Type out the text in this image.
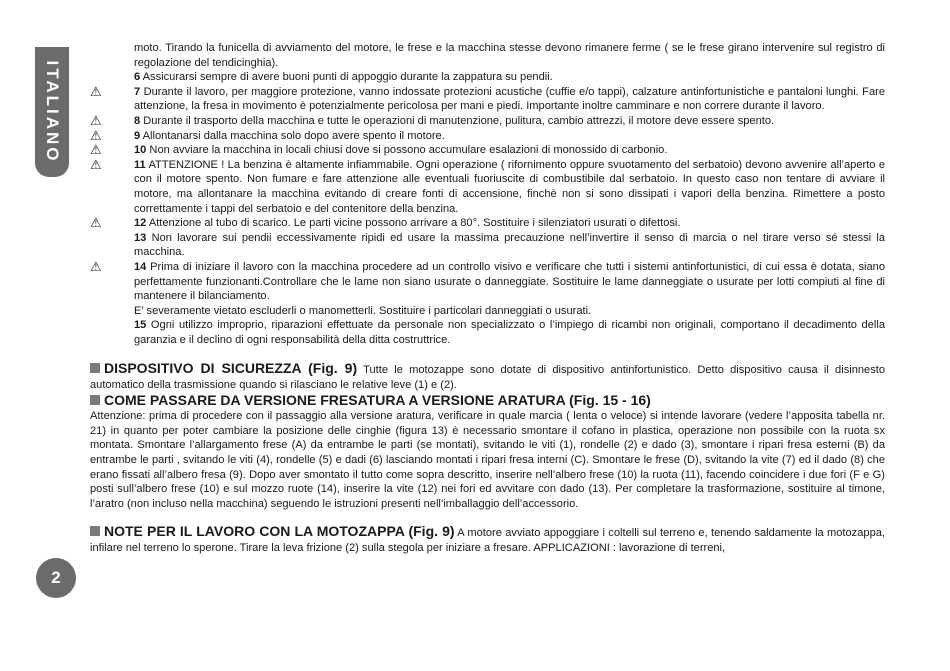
ITALIANO
moto. Tirando la funicella di avviamento del motore, le frese e la macchina stesse devono rimanere ferme ( se le frese girano intervenire sul registro di regolazione del tendicinghia).
6 Assicurarsi sempre di avere buoni punti di appoggio durante la zappatura su pendii.
⚠	7 Durante il lavoro, per maggiore protezione, vanno indossate protezioni acustiche (cuffie e/o tappi), calzature antinfortunistiche e pantaloni lunghi. Fare attenzione, la fresa in movimento è potenzialmente pericolosa per mani e piedi. Importante inoltre camminare e non correre durante il lavoro.
⚠	8 Durante il trasporto della macchina e tutte le operazioni di manutenzione, pulitura, cambio attrezzi, il motore deve essere spento.
⚠	9 Allontanarsi dalla macchina solo dopo avere spento il motore.
⚠	10 Non avviare la macchina in locali chiusi dove si possono accumulare esalazioni di monossido di carbonio.
⚠	11 ATTENZIONE ! La benzina è altamente infiammabile. Ogni operazione ( rifornimento oppure svuotamento del serbatoio) devono avvenire all’aperto e con il motore spento. Non fumare e fare attenzione alle eventuali fuoriuscite di combustibile dal serbatoio. In questo caso non tentare di avviare il motore, ma allontanare la macchina evitando di creare fonti di accensione, finchè non si sono dissipati i vapori della benzina. Rimettere a posto correttamente i tappi del serbatoio e del contenitore della benzina.
⚠	12 Attenzione al tubo di scarico. Le parti vicine possono arrivare a 80°. Sostituire i silenziatori usurati o difettosi.
13 Non lavorare sui pendii eccessivamente ripidi ed usare la massima precauzione nell’invertire il senso di marcia o nel tirare verso sé stessi la macchina.
⚠	14 Prima di iniziare il lavoro con la macchina procedere ad un controllo visivo e verificare che tutti i sistemi antinfortunistici, di cui essa è dotata, siano perfettamente funzionanti.Controllare che le lame non siano usurate o danneggiate. Sostituire le lame danneggiate o usurate per lotti compiuti al fine di mantenere il bilanciamento.
E’ severamente vietato escluderli o manometterli. Sostituire i particolari danneggiati o usurati.
15 Ogni utilizzo improprio, riparazioni effettuate da personale non specializzato o l’impiego di ricambi non originali, comportano il decadimento della garanzia e il declino di ogni responsabilità della ditta costruttrice.
DISPOSITIVO DI SICUREZZA (Fig. 9) Tutte le motozappe sono dotate di dispositivo antinfortunistico. Detto dispositivo causa il disinnesto automatico della trasmissione quando si rilasciano le relative leve (1) e (2).
COME PASSARE DA VERSIONE FRESATURA A VERSIONE ARATURA (Fig. 15 - 16)
Attenzione: prima di procedere con il passaggio alla versione aratura, verificare in quale marcia ( lenta o veloce) si intende lavorare (vedere l’apposita tabella nr. 21) in quanto per poter cambiare la posizione delle cinghie (figura 13) è necessario smontare il cofano in plastica, operazione non possibile con la ruota sx montata. Smontare l’allargamento frese (A) da entrambe le parti (se montati), svitando le viti (1), rondelle (2) e dado (3), smontare i ripari fresa esterni (B) da entrambe le parti , svitando le viti (4), rondelle (5) e dadi (6) lasciando montati i ripari fresa interni (C). Smontare le frese (D), svitando la vite (7) ed il dado (8) che erano fissati all’albero fresa (9). Dopo aver smontato il tutto come sopra descritto, inserire nell’albero frese (10) la ruota (11), facendo coincidere i due fori (F e G) posti sull’albero frese (10) e sul mozzo ruote (14), inserire la vite (12) nei fori ed avvitare con dado (13). Per completare la trasformazione, sostituire al timone, l’aratro (non incluso nella macchina) seguendo le istruzioni presenti nell’imballaggio dell’accessorio.
NOTE PER IL LAVORO CON LA MOTOZAPPA (Fig. 9) A motore avviato appoggiare i coltelli sul terreno e, tenendo saldamente la motozappa, infilare nel terreno lo sperone. Tirare la leva frizione (2) sulla stegola per iniziare a fresare. APPLICAZIONI : lavorazione di terreni,
2
